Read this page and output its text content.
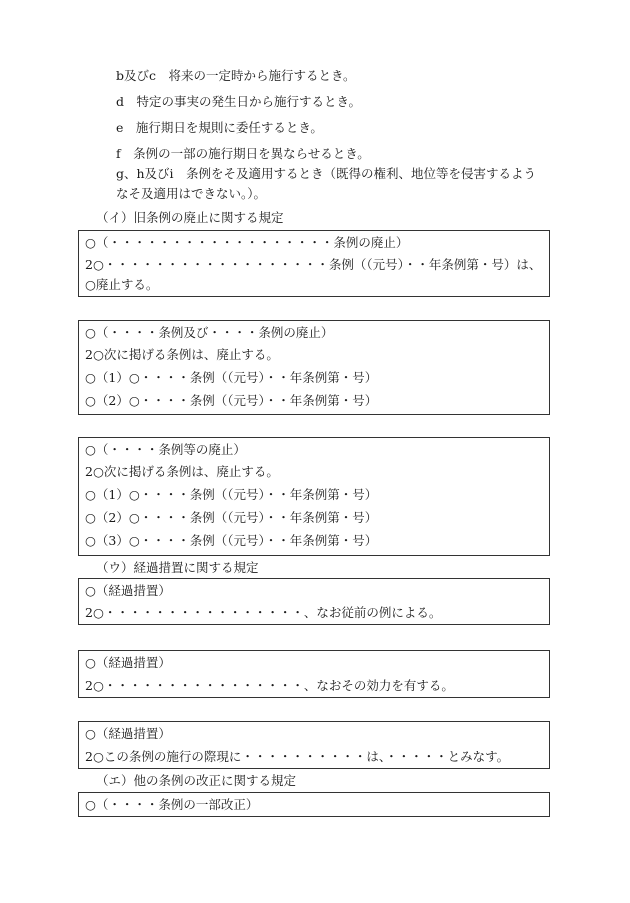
b及びc　将来の一定時から施行するとき。
d　特定の事実の発生日から施行するとき。
e　施行期日を規則に委任するとき。
f　条例の一部の施行期日を異ならせるとき。
g、h及びi　条例をそ及適用するとき（既得の権利、地位等を侵害するよう
なそ及適用はできない。）。
（イ）旧条例の廃止に関する規定
○（・・・・・・・・・・・・・・・・・・条例の廃止）
2○・・・・・・・・・・・・・・・・・・条例（（元号）・・年条例第・号）は、
○廃止する。
○（・・・・条例及び・・・・条例の廃止）
2○次に掲げる条例は、廃止する。
○（1）○・・・・条例（（元号）・・年条例第・号）
○（2）○・・・・条例（（元号）・・年条例第・号）
○（・・・・条例等の廃止）
2○次に掲げる条例は、廃止する。
○（1）○・・・・条例（（元号）・・年条例第・号）
○（2）○・・・・条例（（元号）・・年条例第・号）
○（3）○・・・・条例（（元号）・・年条例第・号）
（ウ）経過措置に関する規定
○（経過措置）
2○・・・・・・・・・・・・・・・・、なお従前の例による。
○（経過措置）
2○・・・・・・・・・・・・・・・・、なおその効力を有する。
○（経過措置）
2○この条例の施行の際現に・・・・・・・・・・は、・・・・・とみなす。
（エ）他の条例の改正に関する規定
○（・・・・条例の一部改正）
